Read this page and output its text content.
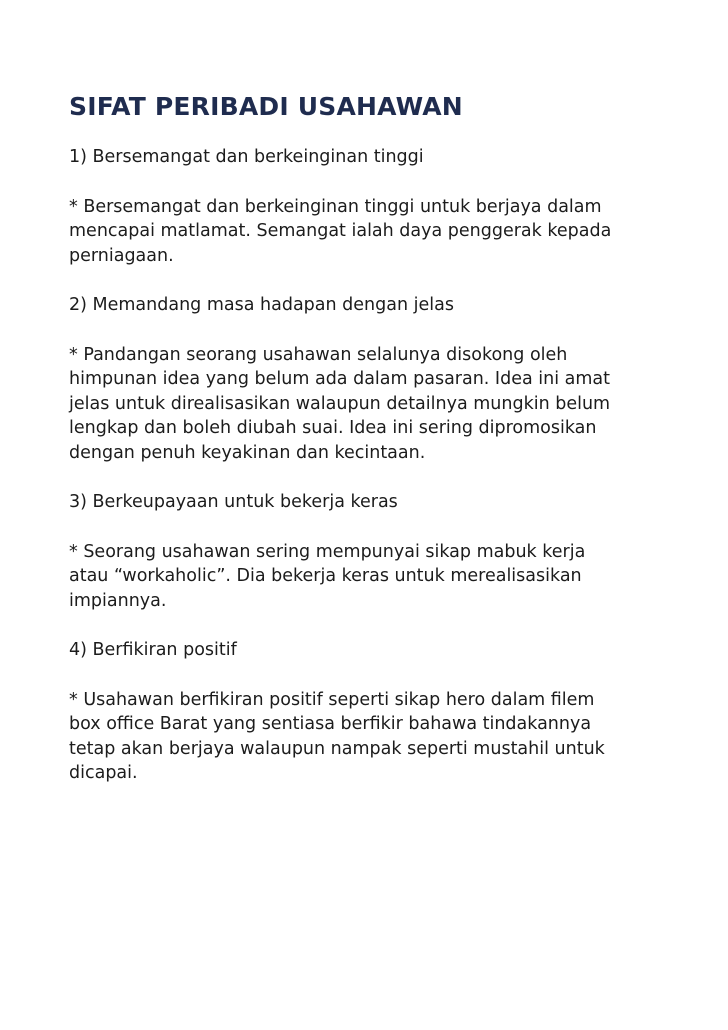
SIFAT PERIBADI USAHAWAN

1) Bersemangat dan berkeinginan tinggi

* Bersemangat dan berkeinginan tinggi untuk berjaya dalam
mencapai matlamat. Semangat ialah daya penggerak kepada
perniagaan.

2) Memandang masa hadapan dengan jelas

* Pandangan seorang usahawan selalunya disokong oleh
himpunan idea yang belum ada dalam pasaran. Idea ini amat
jelas untuk direalisasikan walaupun detailnya mungkin belum
lengkap dan boleh diubah suai. Idea ini sering dipromosikan
dengan penuh keyakinan dan kecintaan.

3) Berkeupayaan untuk bekerja keras

* Seorang usahawan sering mempunyai sikap mabuk kerja
atau “workaholic”. Dia bekerja keras untuk merealisasikan
impiannya.

4) Berfikiran positif

* Usahawan berfikiran positif seperti sikap hero dalam filem
box office Barat yang sentiasa berfikir bahawa tindakannya
tetap akan berjaya walaupun nampak seperti mustahil untuk
dicapai.
